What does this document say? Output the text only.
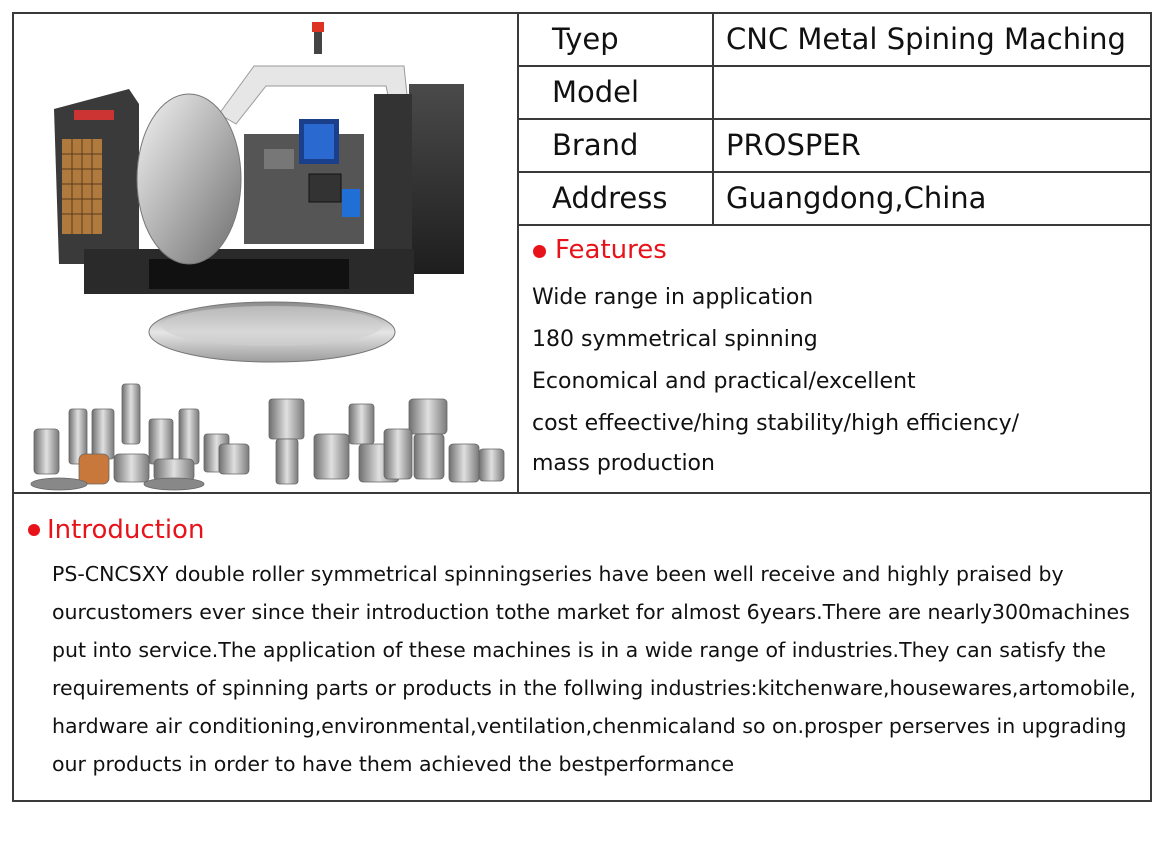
Tyep	CNC Metal Spining Maching
Model
Brand	PROSPER
Address	Guangdong,China
Features
Wide range in application
180 symmetrical spinning
Economical and practical/excellent
cost effeective/hing stability/high efficiency/
mass production
Introduction
PS-CNCSXY double roller symmetrical spinningseries have been well receive and highly praised by
ourcustomers ever since their introduction tothe market for almost 6years.There are nearly300machines
put into service.The application of these machines is in a wide range of industries.They can satisfy the
requirements of spinning parts or products in the follwing industries:kitchenware,housewares,artomobile,
hardware air conditioning,environmental,ventilation,chenmicaland so on.prosper perserves in upgrading
our products in order to have them achieved the bestperformance
